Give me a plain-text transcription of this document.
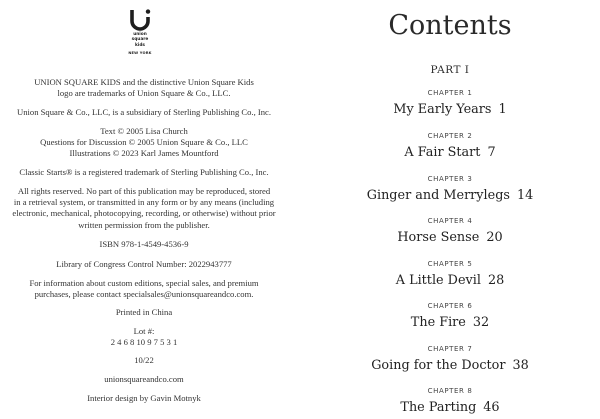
union
square
kids
NEW YORK
UNION SQUARE KIDS and the distinctive Union Square Kids
logo are trademarks of Union Square & Co., LLC.
Union Square & Co., LLC, is a subsidiary of Sterling Publishing Co., Inc.
Text © 2005 Lisa Church
Questions for Discussion © 2005 Union Square & Co., LLC
Illustrations © 2023 Karl James Mountford
Classic Starts® is a registered trademark of Sterling Publishing Co., Inc.
All rights reserved. No part of this publication may be reproduced, stored
in a retrieval system, or transmitted in any form or by any means (including
electronic, mechanical, photocopying, recording, or otherwise) without prior
written permission from the publisher.
ISBN 978-1-4549-4536-9
Library of Congress Control Number: 2022943777
For information about custom editions, special sales, and premium
purchases, please contact specialsales@unionsquareandco.com.
Printed in China
Lot #:
2 4 6 8 10 9 7 5 3 1
10/22
unionsquareandco.com
Interior design by Gavin Motnyk
Contents
PART I
CHAPTER 1
My Early Years 1
CHAPTER 2
A Fair Start 7
CHAPTER 3
Ginger and Merrylegs 14
CHAPTER 4
Horse Sense 20
CHAPTER 5
A Little Devil 28
CHAPTER 6
The Fire 32
CHAPTER 7
Going for the Doctor 38
CHAPTER 8
The Parting 46
